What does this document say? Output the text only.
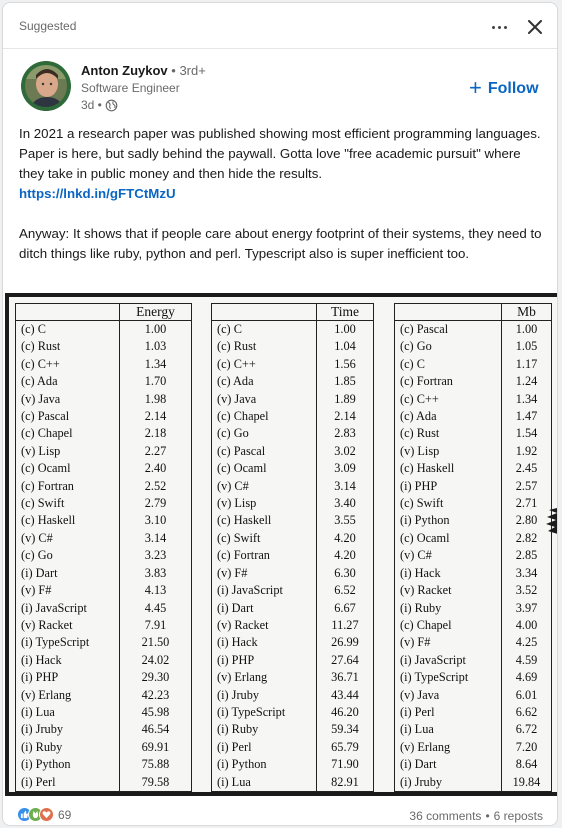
Suggested
Anton Zuykov • 3rd+
Software Engineer
3d •
+ Follow

In 2021 a research paper was published showing most efficient programming languages. Paper is here, but sadly behind the paywall. Gotta love "free academic pursuit" where they take in public money and then hide the results.

https://lnkd.in/gFTCtMzU

Anyway: It shows that if people care about energy footprint of their systems, they need to ditch things like ruby, python and perl. Typescript also is super inefficient too.

	Energy
(c) C	1.00
(c) Rust	1.03
(c) C++	1.34
(c) Ada	1.70
(v) Java	1.98
(c) Pascal	2.14
(c) Chapel	2.18
(v) Lisp	2.27
(c) Ocaml	2.40
(c) Fortran	2.52
(c) Swift	2.79
(c) Haskell	3.10
(v) C#	3.14
(c) Go	3.23
(i) Dart	3.83
(v) F#	4.13
(i) JavaScript	4.45
(v) Racket	7.91
(i) TypeScript	21.50
(i) Hack	24.02
(i) PHP	29.30
(v) Erlang	42.23
(i) Lua	45.98
(i) Jruby	46.54
(i) Ruby	69.91
(i) Python	75.88
(i) Perl	79.58
	Time
(c) C	1.00
(c) Rust	1.04
(c) C++	1.56
(c) Ada	1.85
(v) Java	1.89
(c) Chapel	2.14
(c) Go	2.83
(c) Pascal	3.02
(c) Ocaml	3.09
(v) C#	3.14
(v) Lisp	3.40
(c) Haskell	3.55
(c) Swift	4.20
(c) Fortran	4.20
(v) F#	6.30
(i) JavaScript	6.52
(i) Dart	6.67
(v) Racket	11.27
(i) Hack	26.99
(i) PHP	27.64
(v) Erlang	36.71
(i) Jruby	43.44
(i) TypeScript	46.20
(i) Ruby	59.34
(i) Perl	65.79
(i) Python	71.90
(i) Lua	82.91
	Mb
(c) Pascal	1.00
(c) Go	1.05
(c) C	1.17
(c) Fortran	1.24
(c) C++	1.34
(c) Ada	1.47
(c) Rust	1.54
(v) Lisp	1.92
(c) Haskell	2.45
(i) PHP	2.57
(c) Swift	2.71
(i) Python	2.80
(c) Ocaml	2.82
(v) C#	2.85
(i) Hack	3.34
(v) Racket	3.52
(i) Ruby	3.97
(c) Chapel	4.00
(v) F#	4.25
(i) JavaScript	4.59
(i) TypeScript	4.69
(v) Java	6.01
(i) Perl	6.62
(i) Lua	6.72
(v) Erlang	7.20
(i) Dart	8.64
(i) Jruby	19.84
69	36 comments • 6 reposts
